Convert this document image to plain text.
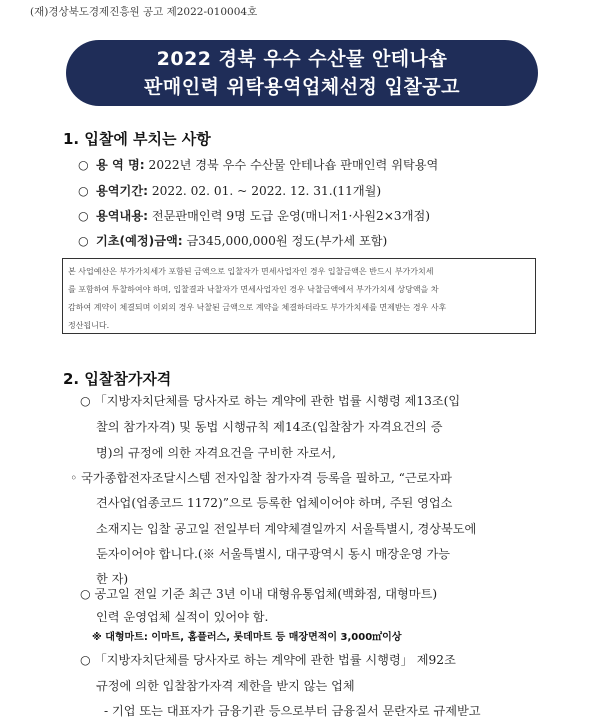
(재)경상북도경제진흥원 공고 제2022-010004호
2022 경북 우수 수산물 안테나숍
판매인력 위탁용역업체선정 입찰공고
1. 입찰에 부치는 사항
○ 용 역 명: 2022년 경북 우수 수산물 안테나숍 판매인력 위탁용역
○ 용역기간: 2022. 02. 01. ~ 2022. 12. 31.(11개월)
○ 용역내용: 전문판매인력 9명 도급 운영(매니저1·사원2×3개점)
○ 기초(예정)금액: 금345,000,000원 정도(부가세 포함)
본 사업예산은 부가가치세가 포함된 금액으로 입찰자가 면세사업자인 경우 입찰금액은 반드시 부가가치세
를 포함하여 투찰하여야 하며, 입찰결과 낙찰자가 면세사업자인 경우 낙찰금액에서 부가가치세 상당액을 차
감하여 계약이 체결되며 이외의 경우 낙찰된 금액으로 계약을 체결하더라도 부가가치세를 면제받는 경우 사후
정산됩니다.
2. 입찰참가자격
○ 「지방자치단체를 당사자로 하는 계약에 관한 법률 시행령 제13조(입
찰의 참가자격) 및 동법 시행규칙 제14조(입찰참가 자격요건의 증
명)의 규정에 의한 자격요건을 구비한 자로서,
◦ 국가종합전자조달시스템 전자입찰 참가자격 등록을 필하고, “근로자파
견사업(업종코드 1172)”으로 등록한 업체이어야 하며, 주된 영업소
소재지는 입찰 공고일 전일부터 계약체결일까지 서울특별시, 경상북도에
둔자이어야 합니다.(※ 서울특별시, 대구광역시 동시 매장운영 가능
한 자)
○ 공고일 전일 기준 최근 3년 이내 대형유통업체(백화점, 대형마트)
인력 운영업체 실적이 있어야 함.
※ 대형마트: 이마트, 홈플러스, 롯데마트 등 매장면적이 3,000㎡이상
○ 「지방자치단체를 당사자로 하는 계약에 관한 법률 시행령」 제92조
규정에 의한 입찰참가자격 제한을 받지 않는 업체
- 기업 또는 대표자가 금융기관 등으로부터 금융질서 문란자로 규제받고
